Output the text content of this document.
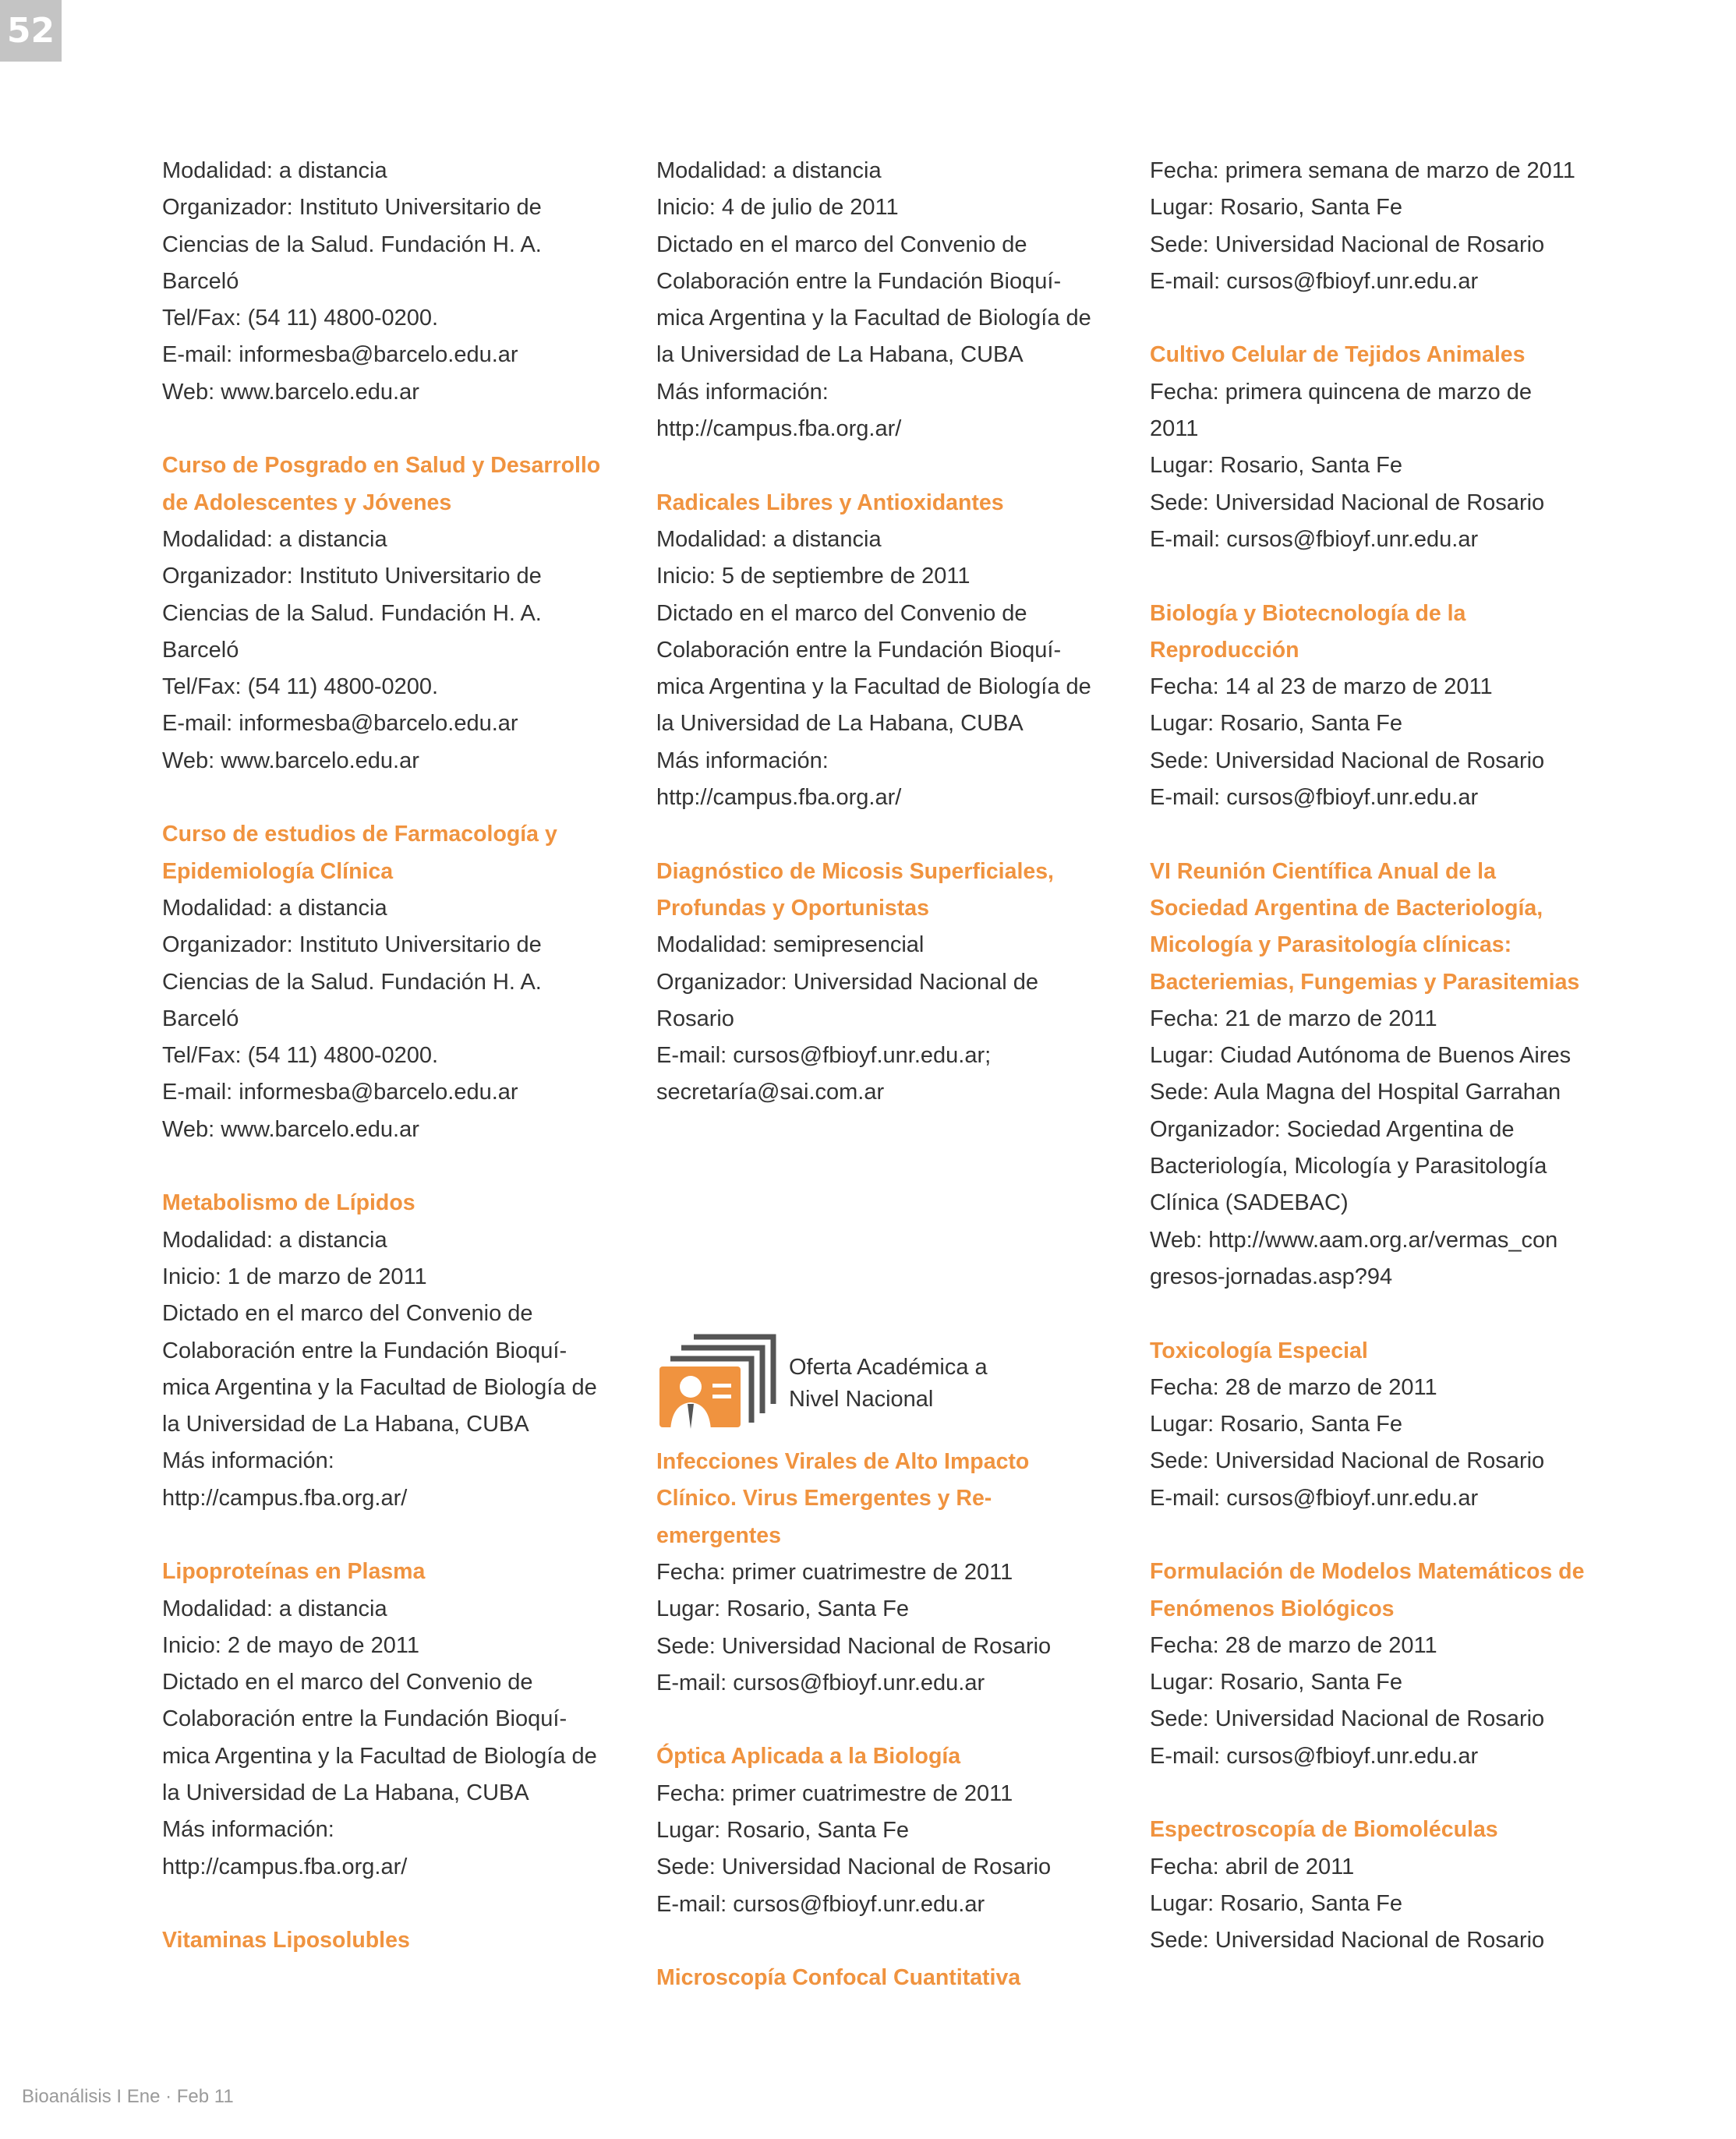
52
Modalidad: a distancia
Organizador: Instituto Universitario de
Ciencias de la Salud. Fundación H. A.
Barceló
Tel/Fax: (54 11) 4800-0200.
E-mail: informesba@barcelo.edu.ar
Web: www.barcelo.edu.ar
Curso de Posgrado en Salud y Desarrollo
de Adolescentes y Jóvenes
Modalidad: a distancia
Organizador: Instituto Universitario de
Ciencias de la Salud. Fundación H. A.
Barceló
Tel/Fax: (54 11) 4800-0200.
E-mail: informesba@barcelo.edu.ar
Web: www.barcelo.edu.ar
Curso de estudios de Farmacología y
Epidemiología Clínica
Modalidad: a distancia
Organizador: Instituto Universitario de
Ciencias de la Salud. Fundación H. A.
Barceló
Tel/Fax: (54 11) 4800-0200.
E-mail: informesba@barcelo.edu.ar
Web: www.barcelo.edu.ar
Metabolismo de Lípidos
Modalidad: a distancia
Inicio: 1 de marzo de 2011
Dictado en el marco del Convenio de
Colaboración entre la Fundación Bioquí-
mica Argentina y la Facultad de Biología de
la Universidad de La Habana, CUBA
Más información:
http://campus.fba.org.ar/
Lipoproteínas en Plasma
Modalidad: a distancia
Inicio: 2 de mayo de 2011
Dictado en el marco del Convenio de
Colaboración entre la Fundación Bioquí-
mica Argentina y la Facultad de Biología de
la Universidad de La Habana, CUBA
Más información:
http://campus.fba.org.ar/
Vitaminas Liposolubles
Modalidad: a distancia
Inicio: 4 de julio de 2011
Dictado en el marco del Convenio de
Colaboración entre la Fundación Bioquí-
mica Argentina y la Facultad de Biología de
la Universidad de La Habana, CUBA
Más información:
http://campus.fba.org.ar/
Radicales Libres y Antioxidantes
Modalidad: a distancia
Inicio: 5 de septiembre de 2011
Dictado en el marco del Convenio de
Colaboración entre la Fundación Bioquí-
mica Argentina y la Facultad de Biología de
la Universidad de La Habana, CUBA
Más información:
http://campus.fba.org.ar/
Diagnóstico de Micosis Superficiales,
Profundas y Oportunistas
Modalidad: semipresencial
Organizador: Universidad Nacional de
Rosario
E-mail: cursos@fbioyf.unr.edu.ar;
secretaría@sai.com.ar
Oferta Académica a
Nivel Nacional
Infecciones Virales de Alto Impacto
Clínico. Virus Emergentes y Re-
emergentes
Fecha: primer cuatrimestre de 2011
Lugar: Rosario, Santa Fe
Sede: Universidad Nacional de Rosario
E-mail: cursos@fbioyf.unr.edu.ar
Óptica Aplicada a la Biología
Fecha: primer cuatrimestre de 2011
Lugar: Rosario, Santa Fe
Sede: Universidad Nacional de Rosario
E-mail: cursos@fbioyf.unr.edu.ar
Microscopía Confocal Cuantitativa
Fecha: primera semana de marzo de 2011
Lugar: Rosario, Santa Fe
Sede: Universidad Nacional de Rosario
E-mail: cursos@fbioyf.unr.edu.ar
Cultivo Celular de Tejidos Animales
Fecha: primera quincena de marzo de
2011
Lugar: Rosario, Santa Fe
Sede: Universidad Nacional de Rosario
E-mail: cursos@fbioyf.unr.edu.ar
Biología y Biotecnología de la
Reproducción
Fecha: 14 al 23 de marzo de 2011
Lugar: Rosario, Santa Fe
Sede: Universidad Nacional de Rosario
E-mail: cursos@fbioyf.unr.edu.ar
VI Reunión Científica Anual de la
Sociedad Argentina de Bacteriología,
Micología y Parasitología clínicas:
Bacteriemias, Fungemias y Parasitemias
Fecha: 21 de marzo de 2011
Lugar: Ciudad Autónoma de Buenos Aires
Sede: Aula Magna del Hospital Garrahan
Organizador: Sociedad Argentina de
Bacteriología, Micología y Parasitología
Clínica (SADEBAC)
Web: http://www.aam.org.ar/vermas_con
gresos-jornadas.asp?94
Toxicología Especial
Fecha: 28 de marzo de 2011
Lugar: Rosario, Santa Fe
Sede: Universidad Nacional de Rosario
E-mail: cursos@fbioyf.unr.edu.ar
Formulación de Modelos Matemáticos de
Fenómenos Biológicos
Fecha: 28 de marzo de 2011
Lugar: Rosario, Santa Fe
Sede: Universidad Nacional de Rosario
E-mail: cursos@fbioyf.unr.edu.ar
Espectroscopía de Biomoléculas
Fecha: abril de 2011
Lugar: Rosario, Santa Fe
Sede: Universidad Nacional de Rosario
Bioanálisis I Ene · Feb 11
